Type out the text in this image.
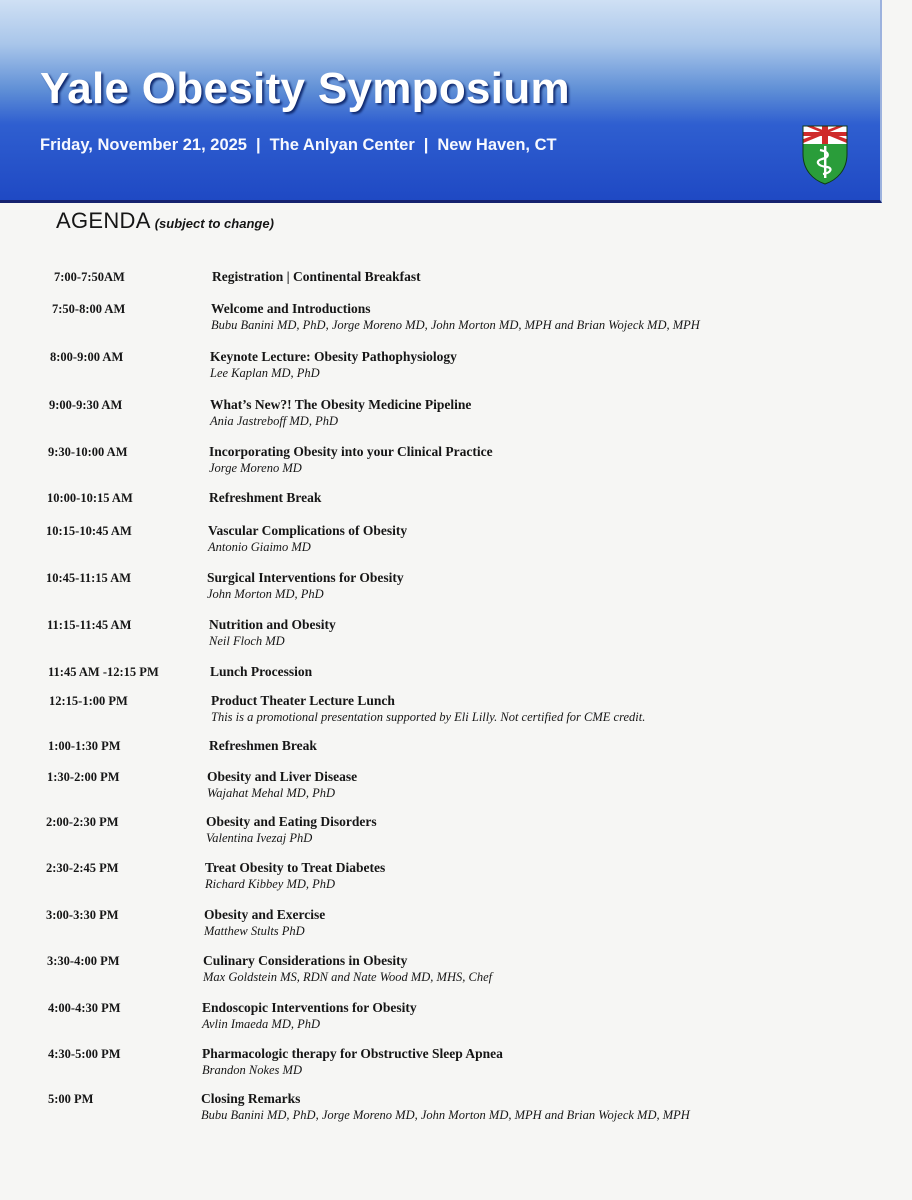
Yale Obesity Symposium
Friday, November 21, 2025 | The Anlyan Center | New Haven, CT
AGENDA (subject to change)
7:00-7:50AM	Registration | Continental Breakfast
7:50-8:00 AM	Welcome and Introductions
Bubu Banini MD, PhD, Jorge Moreno MD, John Morton MD, MPH and Brian Wojeck MD, MPH
8:00-9:00 AM	Keynote Lecture: Obesity Pathophysiology
Lee Kaplan MD, PhD
9:00-9:30 AM	What’s New?! The Obesity Medicine Pipeline
Ania Jastreboff MD, PhD
9:30-10:00 AM	Incorporating Obesity into your Clinical Practice
Jorge Moreno MD
10:00-10:15 AM	Refreshment Break
10:15-10:45 AM	Vascular Complications of Obesity
Antonio Giaimo MD
10:45-11:15 AM	Surgical Interventions for Obesity
John Morton MD, PhD
11:15-11:45 AM	Nutrition and Obesity
Neil Floch MD
11:45 AM -12:15 PM	Lunch Procession
12:15-1:00 PM	Product Theater Lecture Lunch
This is a promotional presentation supported by Eli Lilly. Not certified for CME credit.
1:00-1:30 PM	Refreshmen Break
1:30-2:00 PM	Obesity and Liver Disease
Wajahat Mehal MD, PhD
2:00-2:30 PM	Obesity and Eating Disorders
Valentina Ivezaj PhD
2:30-2:45 PM	Treat Obesity to Treat Diabetes
Richard Kibbey MD, PhD
3:00-3:30 PM	Obesity and Exercise
Matthew Stults PhD
3:30-4:00 PM	Culinary Considerations in Obesity
Max Goldstein MS, RDN and Nate Wood MD, MHS, Chef
4:00-4:30 PM	Endoscopic Interventions for Obesity
Avlin Imaeda MD, PhD
4:30-5:00 PM	Pharmacologic therapy for Obstructive Sleep Apnea
Brandon Nokes MD
5:00 PM	Closing Remarks
Bubu Banini MD, PhD, Jorge Moreno MD, John Morton MD, MPH and Brian Wojeck MD, MPH
